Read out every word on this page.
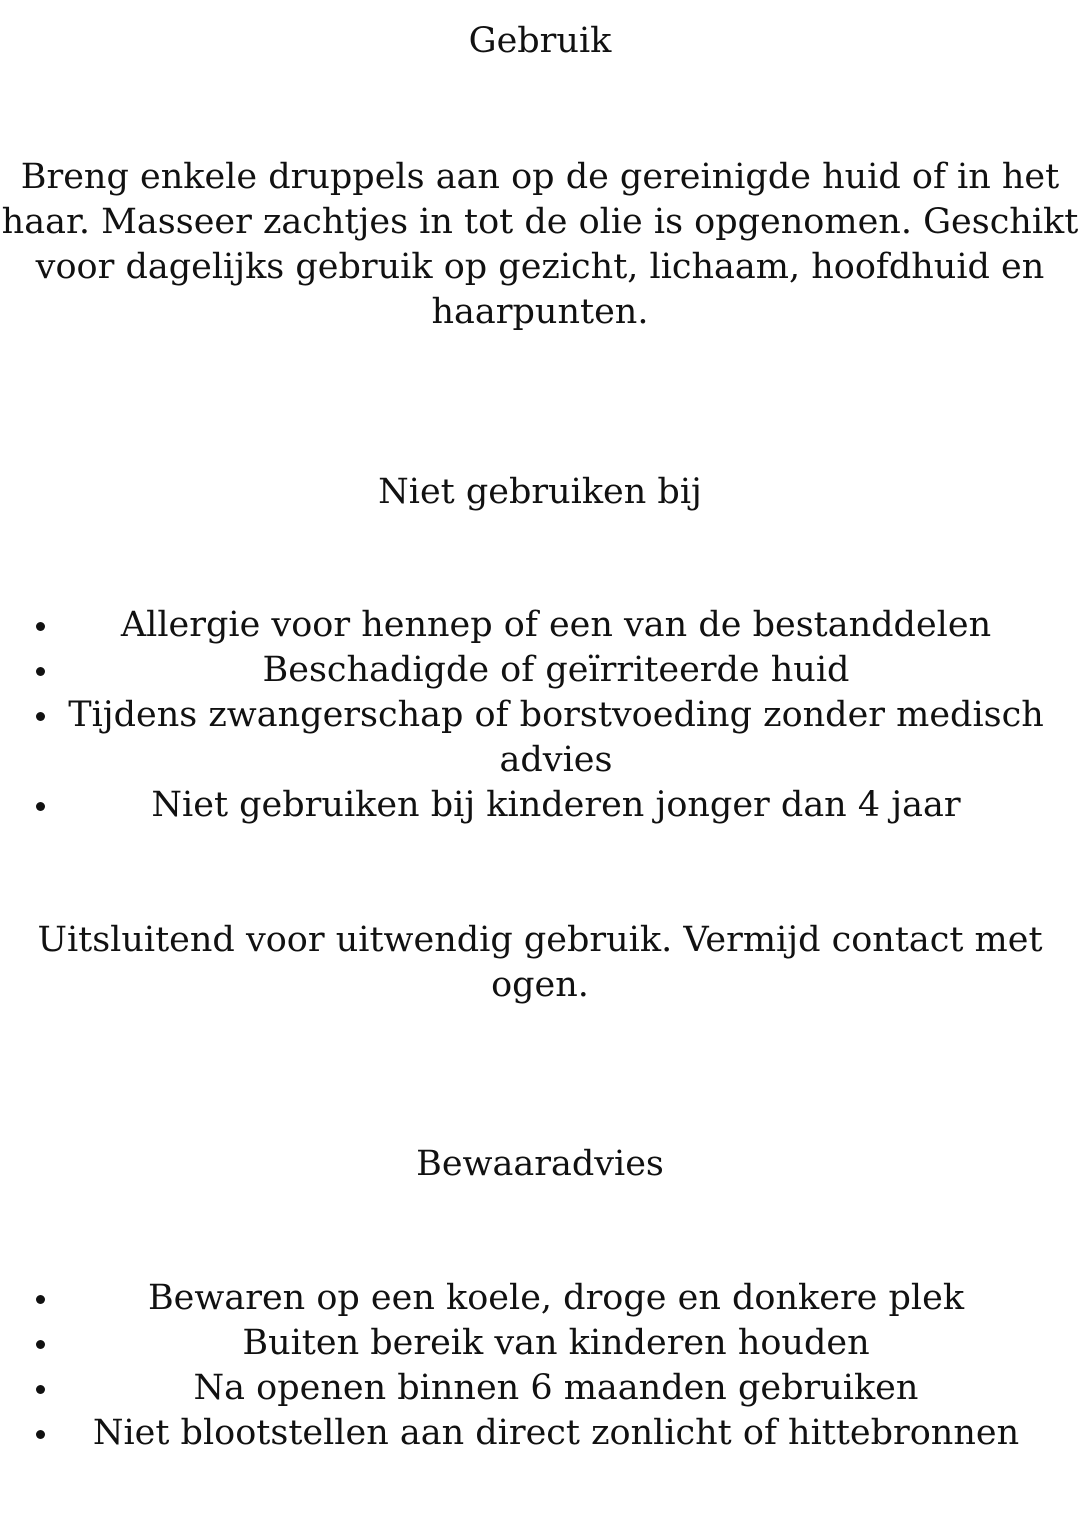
Gebruik
Breng enkele druppels aan op de gereinigde huid of in het haar. Masseer zachtjes in tot de olie is opgenomen. Geschikt voor dagelijks gebruik op gezicht, lichaam, hoofdhuid en haarpunten.
Niet gebruiken bij
Allergie voor hennep of een van de bestanddelen
Beschadigde of geïrriteerde huid
Tijdens zwangerschap of borstvoeding zonder medisch advies
Niet gebruiken bij kinderen jonger dan 4 jaar
Uitsluitend voor uitwendig gebruik. Vermijd contact met ogen.
Bewaaradvies
Bewaren op een koele, droge en donkere plek
Buiten bereik van kinderen houden
Na openen binnen 6 maanden gebruiken
Niet blootstellen aan direct zonlicht of hittebronnen
